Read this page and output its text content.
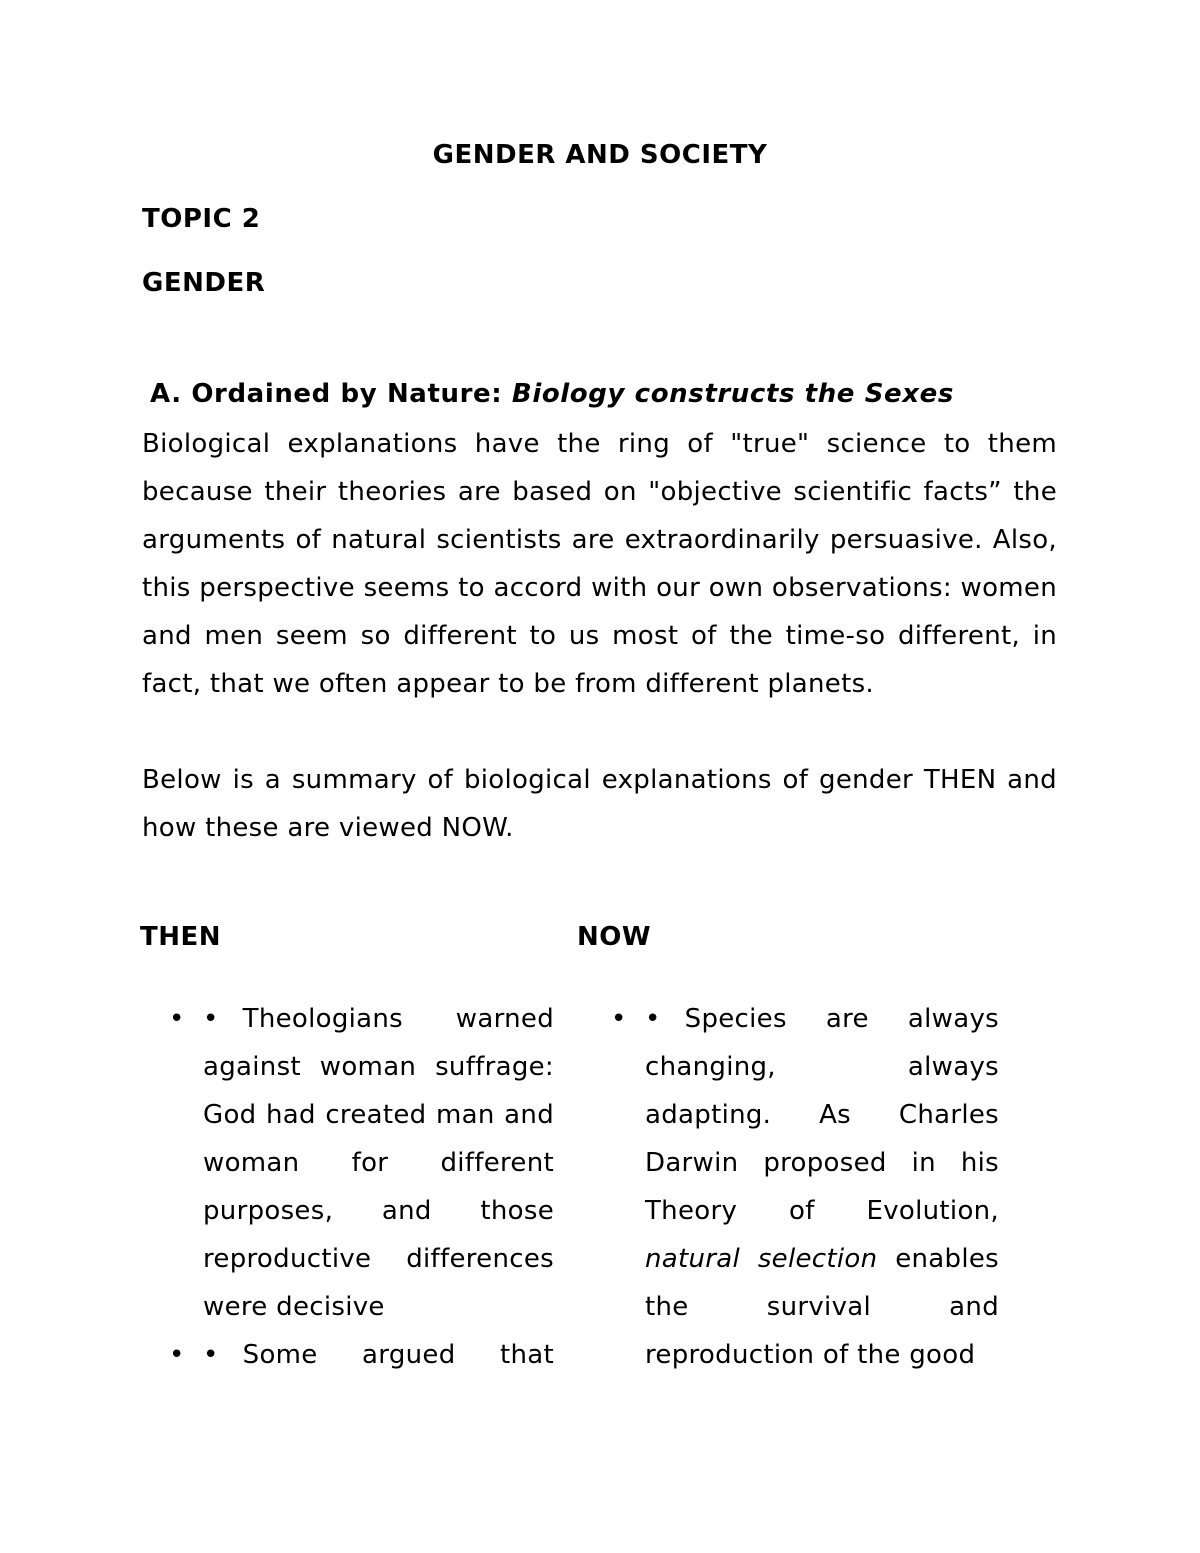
GENDER AND SOCIETY
TOPIC 2
GENDER
A. Ordained by Nature: Biology constructs the Sexes
Biological explanations have the ring of "true" science to them because their theories are based on "objective scientific facts” the arguments of natural scientists are extraordinarily persuasive. Also, this perspective seems to accord with our own observations: women and men seem so different to us most of the time-so different, in fact, that we often appear to be from different planets.
Below is a summary of biological explanations of gender THEN and how these are viewed NOW.
THEN	NOW
• • Theologians warned against woman suffrage: God had created man and woman for different purposes, and those reproductive differences were decisive
• • Some argued that
• • Species are always changing, always adapting. As Charles Darwin proposed in his Theory of Evolution, natural selection enables the survival and reproduction of the good
